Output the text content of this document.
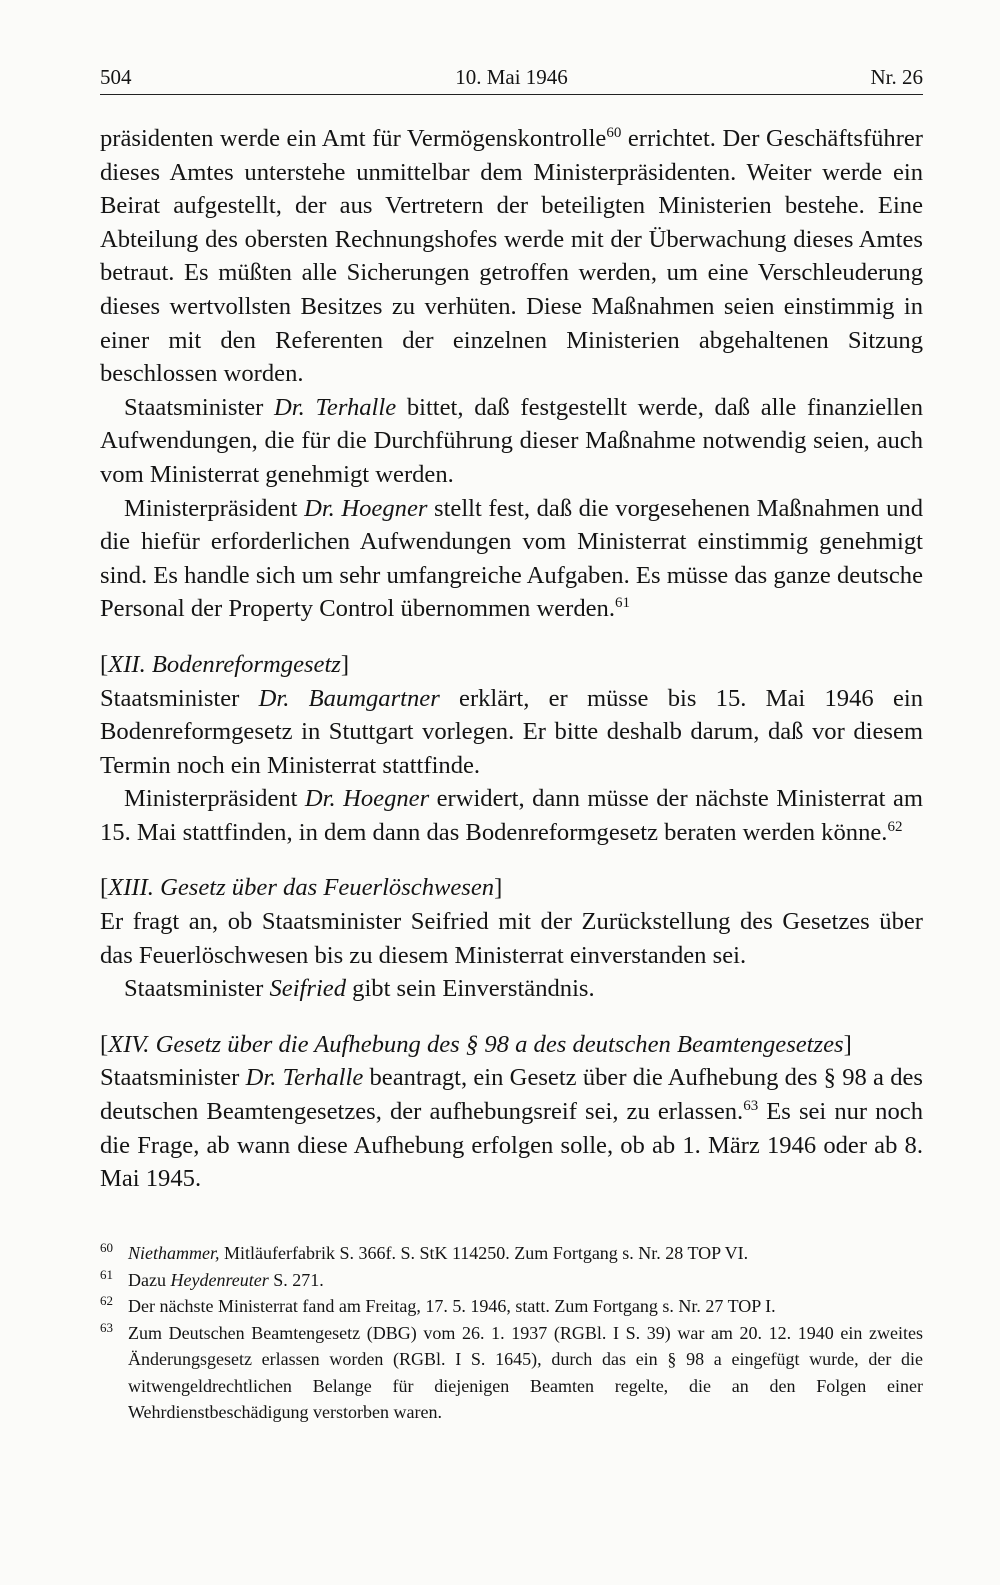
504	10. Mai 1946	Nr. 26

präsidenten werde ein Amt für Vermögenskontrolle$^{60}$ errichtet. Der Geschäftsführer dieses Amtes unterstehe unmittelbar dem Ministerpräsidenten. Weiter werde ein Beirat aufgestellt, der aus Vertretern der beteiligten Ministerien bestehe. Eine Abteilung des obersten Rechnungshofes werde mit der Überwachung dieses Amtes betraut. Es müßten alle Sicherungen getroffen werden, um eine Verschleuderung dieses wertvollsten Besitzes zu verhüten. Diese Maßnahmen seien einstimmig in einer mit den Referenten der einzelnen Ministerien abgehaltenen Sitzung beschlossen worden.

Staatsminister Dr. Terhalle bittet, daß festgestellt werde, daß alle finanziellen Aufwendungen, die für die Durchführung dieser Maßnahme notwendig seien, auch vom Ministerrat genehmigt werden.

Ministerpräsident Dr. Hoegner stellt fest, daß die vorgesehenen Maßnahmen und die hiefür erforderlichen Aufwendungen vom Ministerrat einstimmig genehmigt sind. Es handle sich um sehr umfangreiche Aufgaben. Es müsse das ganze deutsche Personal der Property Control übernommen werden.$^{61}$

[XII. Bodenreformgesetz]

Staatsminister Dr. Baumgartner erklärt, er müsse bis 15. Mai 1946 ein Bodenreformgesetz in Stuttgart vorlegen. Er bitte deshalb darum, daß vor diesem Termin noch ein Ministerrat stattfinde.

Ministerpräsident Dr. Hoegner erwidert, dann müsse der nächste Ministerrat am 15. Mai stattfinden, in dem dann das Bodenreformgesetz beraten werden könne.$^{62}$

[XIII. Gesetz über das Feuerlöschwesen]

Er fragt an, ob Staatsminister Seifried mit der Zurückstellung des Gesetzes über das Feuerlöschwesen bis zu diesem Ministerrat einverstanden sei.

Staatsminister Seifried gibt sein Einverständnis.

[XIV. Gesetz über die Aufhebung des § 98 a des deutschen Beamtengesetzes]

Staatsminister Dr. Terhalle beantragt, ein Gesetz über die Aufhebung des § 98 a des deutschen Beamtengesetzes, der aufhebungsreif sei, zu erlassen.$^{63}$ Es sei nur noch die Frage, ab wann diese Aufhebung erfolgen solle, ob ab 1. März 1946 oder ab 8. Mai 1945.

60 Niethammer, Mitläuferfabrik S. 366f. S. StK 114250. Zum Fortgang s. Nr. 28 TOP VI.
61 Dazu Heydenreuter S. 271.
62 Der nächste Ministerrat fand am Freitag, 17. 5. 1946, statt. Zum Fortgang s. Nr. 27 TOP I.
63 Zum Deutschen Beamtengesetz (DBG) vom 26. 1. 1937 (RGBl. I S. 39) war am 20. 12. 1940 ein zweites Änderungsgesetz erlassen worden (RGBl. I S. 1645), durch das ein § 98 a eingefügt wurde, der die witwengeldrechtlichen Belange für diejenigen Beamten regelte, die an den Folgen einer Wehrdienstbeschädigung verstorben waren.
